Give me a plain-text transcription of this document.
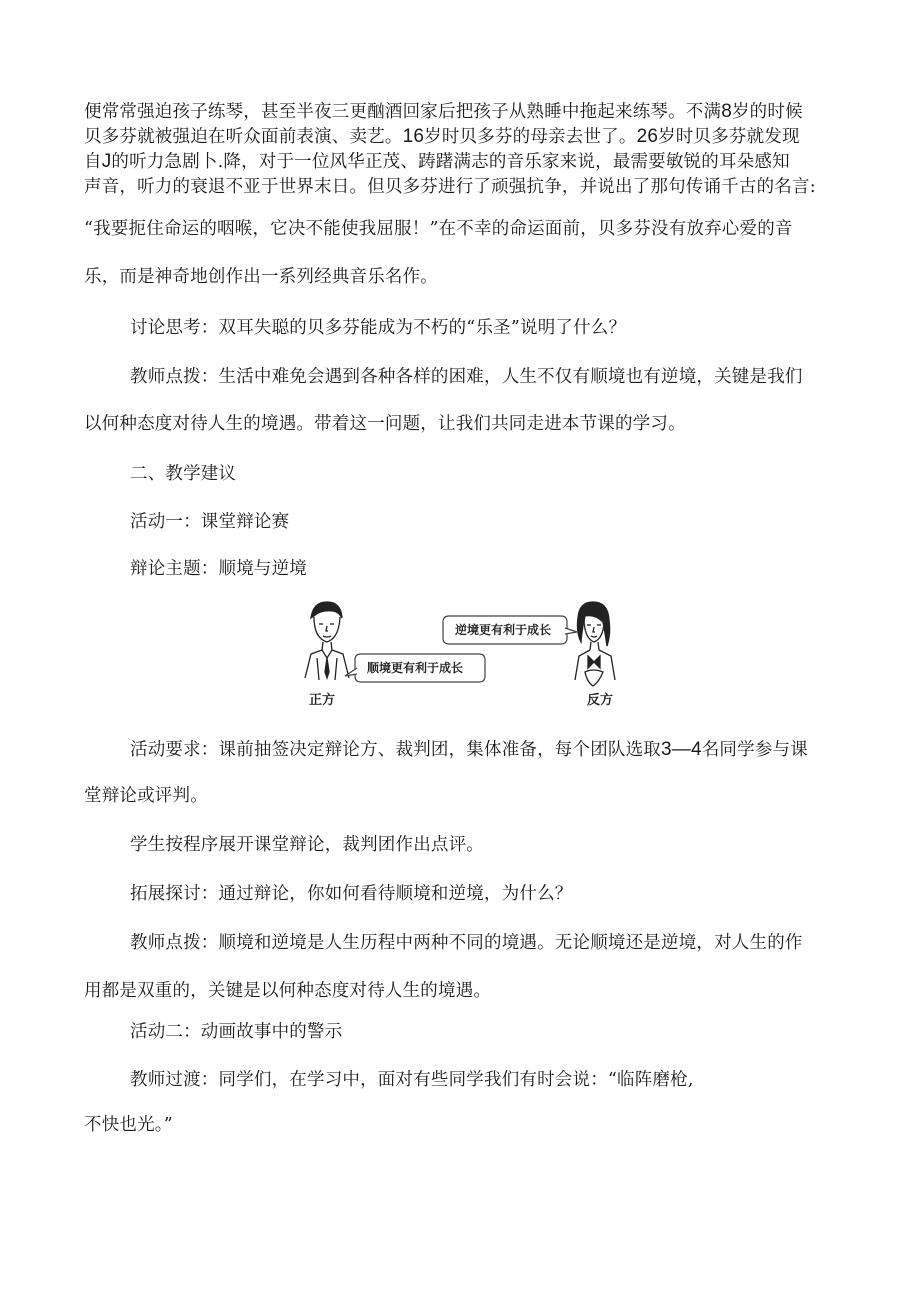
便常常强迫孩子练琴，甚至半夜三更酗酒回家后把孩子从熟睡中拖起来练琴。不满8岁的时候
贝多芬就被强迫在听众面前表演、卖艺。16岁时贝多芬的母亲去世了。26岁时贝多芬就发现
自J的听力急剧卜.降，对于一位风华正茂、踌躇满志的音乐家来说，最需要敏锐的耳朵感知
声音，听力的衰退不亚于世界末日。但贝多芬进行了顽强抗争，并说出了那句传诵千古的名言:
“我要扼住命运的咽喉，它决不能使我屈服！”在不幸的命运面前，贝多芬没有放弃心爱的音
乐，而是神奇地创作出一系列经典音乐名作。
讨论思考：双耳失聪的贝多芬能成为不朽的“乐圣”说明了什么？
教师点拨：生活中难免会遇到各种各样的困难，人生不仅有顺境也有逆境，关键是我们
以何种态度对待人生的境遇。带着这一问题，让我们共同走进本节课的学习。
二、教学建议
活动一：课堂辩论赛
辩论主题：顺境与逆境
顺境更有利于成长
逆境更有利于成长
正方	反方
活动要求：课前抽签决定辩论方、裁判团，集体准备，每个团队选取3—4名同学参与课
堂辩论或评判。
学生按程序展开课堂辩论，裁判团作出点评。
拓展探讨：通过辩论，你如何看待顺境和逆境，为什么？
教师点拨：顺境和逆境是人生历程中两种不同的境遇。无论顺境还是逆境，对人生的作
用都是双重的，关键是以何种态度对待人生的境遇。
活动二：动画故事中的警示
教师过渡：同学们，在学习中，面对有些同学我们有时会说：“临阵磨枪,
不快也光。”
